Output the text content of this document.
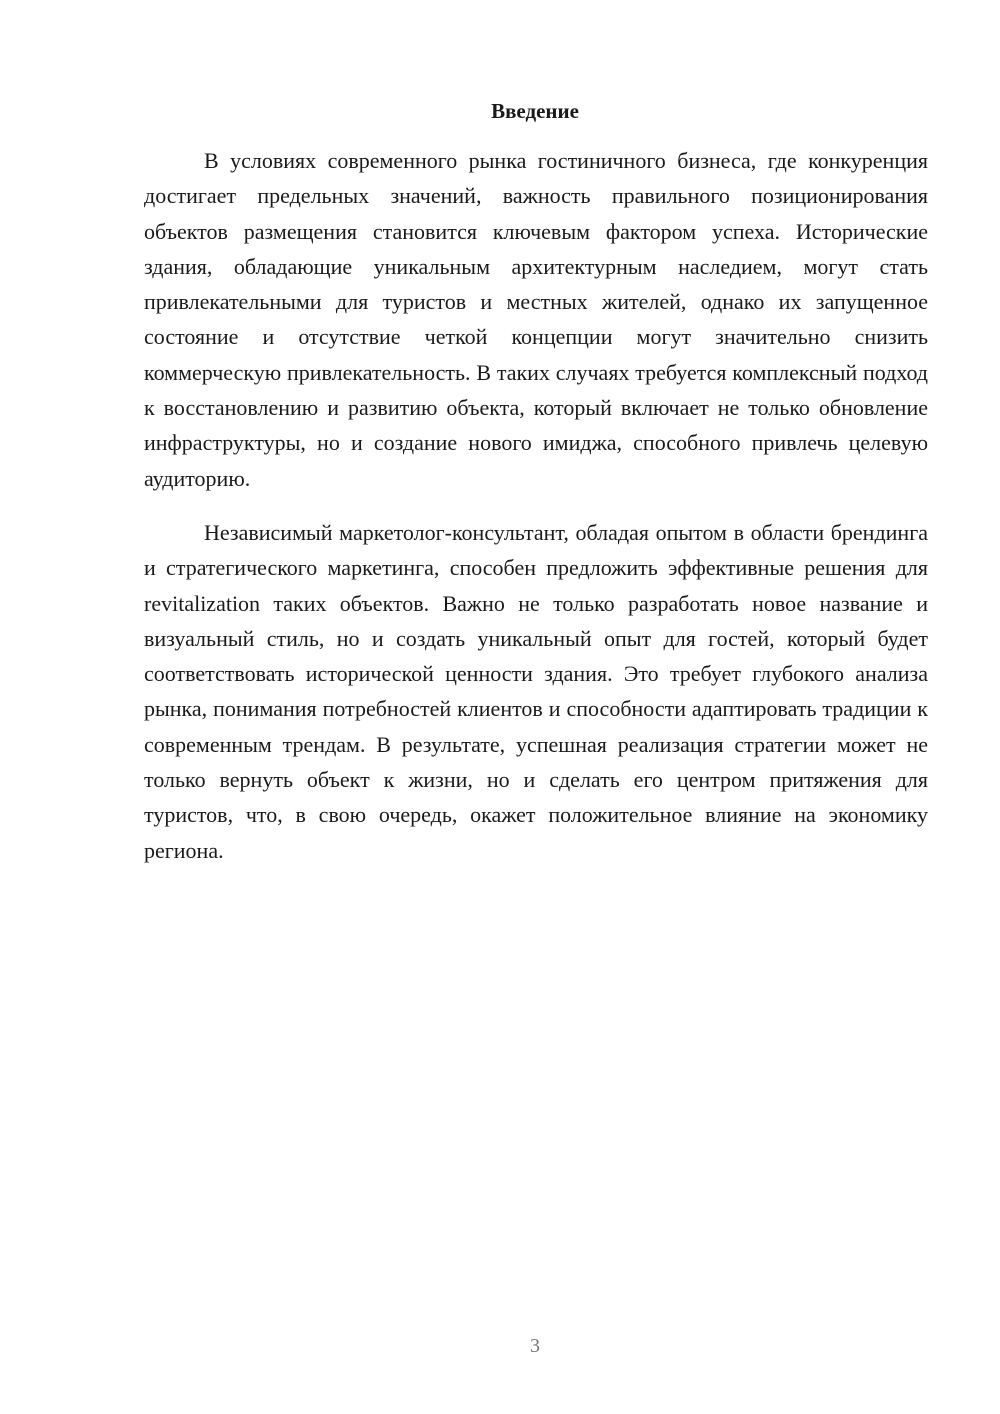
Введение

В условиях современного рынка гостиничного бизнеса, где конкуренция достигает предельных значений, важность правильного позиционирования объектов размещения становится ключевым фактором успеха. Исторические здания, обладающие уникальным архитектурным наследием, могут стать привлекательными для туристов и местных жителей, однако их запущенное состояние и отсутствие четкой концепции могут значительно снизить коммерческую привлекательность. В таких случаях требуется комплексный подход к восстановлению и развитию объекта, который включает не только обновление инфраструктуры, но и создание нового имиджа, способного привлечь целевую аудиторию.

Независимый маркетолог-консультант, обладая опытом в области брендинга и стратегического маркетинга, способен предложить эффективные решения для revitalization таких объектов. Важно не только разработать новое название и визуальный стиль, но и создать уникальный опыт для гостей, который будет соответствовать исторической ценности здания. Это требует глубокого анализа рынка, понимания потребностей клиентов и способности адаптировать традиции к современным трендам. В результате, успешная реализация стратегии может не только вернуть объект к жизни, но и сделать его центром притяжения для туристов, что, в свою очередь, окажет положительное влияние на экономику региона.

3
